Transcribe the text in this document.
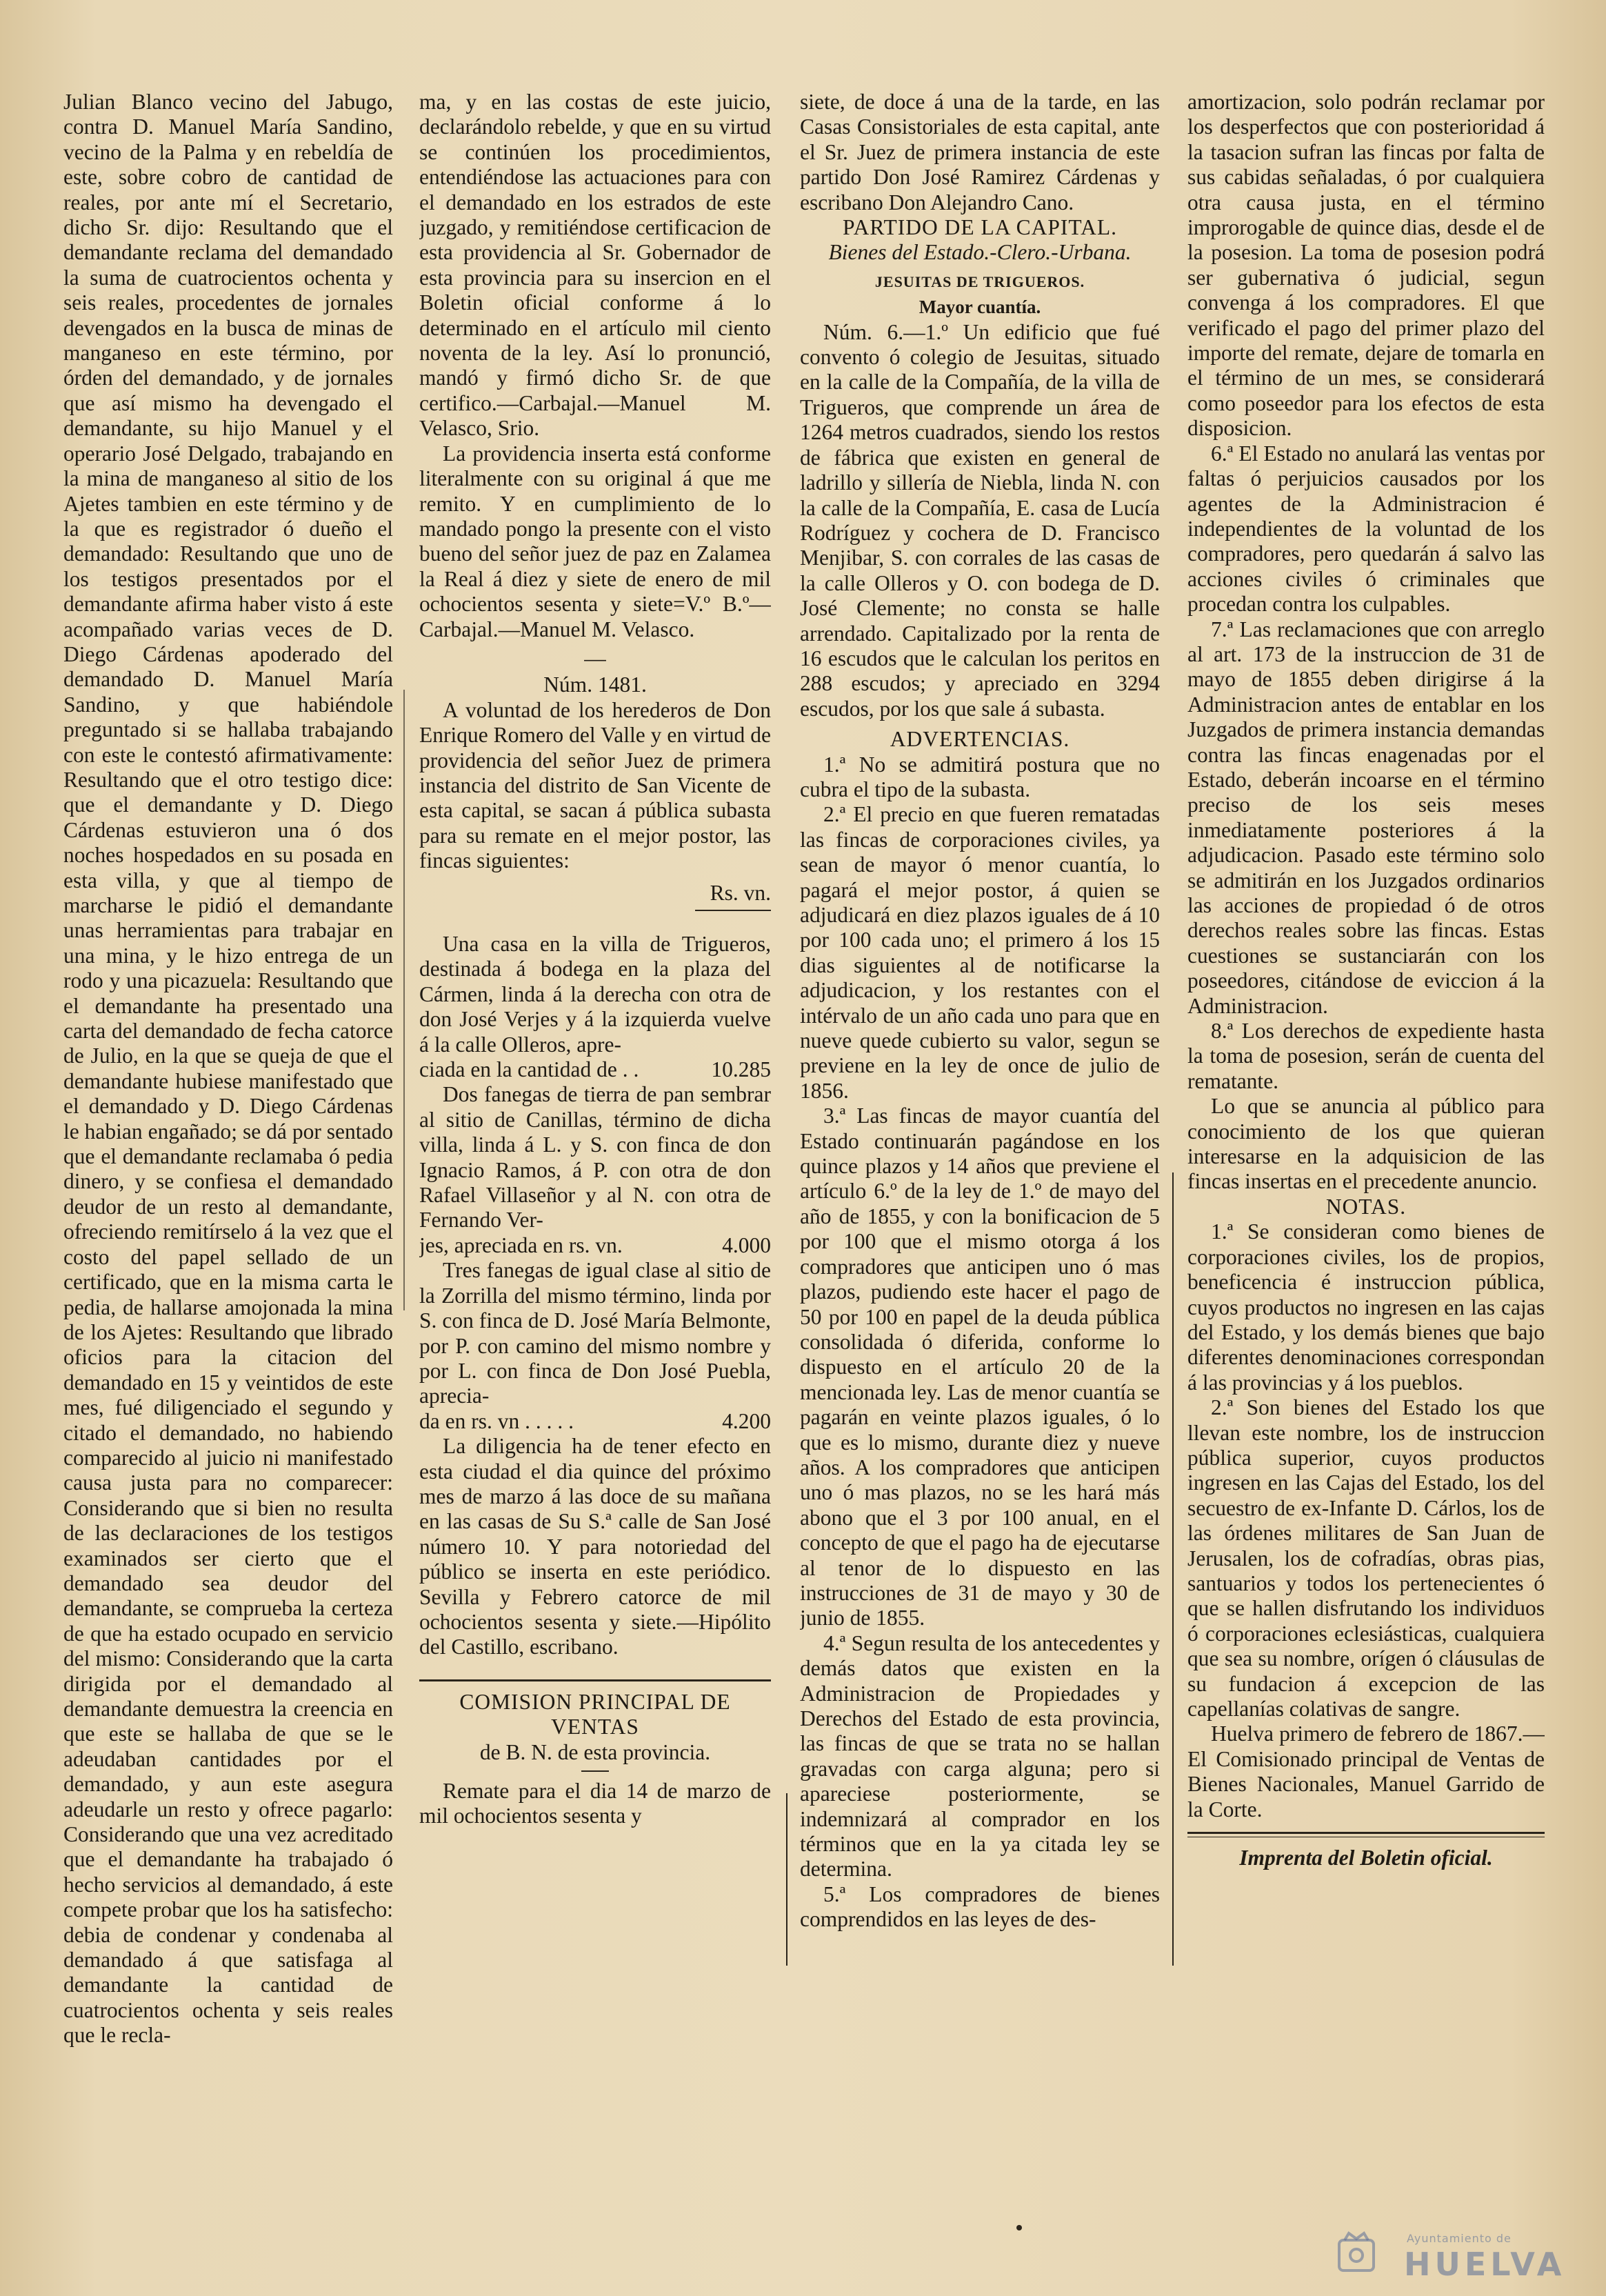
Julian Blanco vecino del Jabugo, contra D. Manuel María Sandino, vecino de la Palma y en rebeldía de este, sobre cobro de cantidad de reales, por ante mí el Secretario, dicho Sr. dijo: Resultando que el demandante reclama del demandado la suma de cuatrocientos ochenta y seis reales, procedentes de jornales devengados en la busca de minas de manganeso en este término, por órden del demandado, y de jornales que así mismo ha devengado el demandante, su hijo Manuel y el operario José Delgado, trabajando en la mina de manganeso al sitio de los Ajetes tambien en este término y de la que es registrador ó dueño el demandado: Resultando que uno de los testigos presentados por el demandante afirma haber visto á este acompañado varias veces de D. Diego Cárdenas apoderado del demandado D. Manuel María Sandino, y que habiéndole preguntado si se hallaba trabajando con este le contestó afirmativamente: Resultando que el otro testigo dice: que el demandante y D. Diego Cárdenas estuvieron una ó dos noches hospedados en su posada en esta villa, y que al tiempo de marcharse le pidió el demandante unas herramientas para trabajar en una mina, y le hizo entrega de un rodo y una picazuela: Resultando que el demandante ha presentado una carta del demandado de fecha catorce de Julio, en la que se queja de que el demandante hubiese manifestado que el demandado y D. Diego Cárdenas le habian engañado; se dá por sentado que el demandante reclamaba ó pedia dinero, y se confiesa el demandado deudor de un resto al demandante, ofreciendo remitírselo á la vez que el costo del papel sellado de un certificado, que en la misma carta le pedia, de hallarse amojonada la mina de los Ajetes: Resultando que librado oficios para la citacion del demandado en 15 y veintidos de este mes, fué diligenciado el segundo y citado el demandado, no habiendo comparecido al juicio ni manifestado causa justa para no comparecer: Considerando que si bien no resulta de las declaraciones de los testigos examinados ser cierto que el demandado sea deudor del demandante, se comprueba la certeza de que ha estado ocupado en servicio del mismo: Considerando que la carta dirigida por el demandado al demandante demuestra la creencia en que este se hallaba de que se le adeudaban cantidades por el demandado, y aun este asegura adeudarle un resto y ofrece pagarlo: Considerando que una vez acreditado que el demandante ha trabajado ó hecho servicios al demandado, á este compete probar que los ha satisfecho: debia de condenar y condenaba al demandado á que satisfaga al demandante la cantidad de cuatrocientos ochenta y seis reales que le recla-

ma, y en las costas de este juicio, declarándolo rebelde, y que en su virtud se continúen los procedimientos, entendiéndose las actuaciones para con el demandado en los estrados de este juzgado, y remitiéndose certificacion de esta providencia al Sr. Gobernador de esta provincia para su insercion en el Boletin oficial conforme á lo determinado en el artículo mil ciento noventa de la ley. Así lo pronunció, mandó y firmó dicho Sr. de que certifico.—Carbajal.—Manuel M. Velasco, Srio.

La providencia inserta está conforme literalmente con su original á que me remito. Y en cumplimiento de lo mandado pongo la presente con el visto bueno del señor juez de paz en Zalamea la Real á diez y siete de enero de mil ochocientos sesenta y siete=V.º B.º—Carbajal.—Manuel M. Velasco.

—

Núm. 1481.

A voluntad de los herederos de Don Enrique Romero del Valle y en virtud de providencia del señor Juez de primera instancia del distrito de San Vicente de esta capital, se sacan á pública subasta para su remate en el mejor postor, las fincas siguientes:

Rs. vn.

Una casa en la villa de Trigueros, destinada á bodega en la plaza del Cármen, linda á la derecha con otra de don José Verjes y á la izquierda vuelve á la calle Olleros, apre-

ciada en la cantidad de . .	10.285

Dos fanegas de tierra de pan sembrar al sitio de Canillas, término de dicha villa, linda á L. y S. con finca de don Ignacio Ramos, á P. con otra de don Rafael Villaseñor y al N. con otra de Fernando Ver-

jes, apreciada en rs. vn.	4.000

Tres fanegas de igual clase al sitio de la Zorrilla del mismo término, linda por S. con finca de D. José María Belmonte, por P. con camino del mismo nombre y por L. con finca de Don José Puebla, aprecia-

da en rs. vn . . . . .	4.200

La diligencia ha de tener efecto en esta ciudad el dia quince del próximo mes de marzo á las doce de su mañana en las casas de Su S.ª calle de San José número 10. Y para notoriedad del público se inserta en este periódico. Sevilla y Febrero catorce de mil ochocientos sesenta y siete.—Hipólito del Castillo, escribano.

COMISION PRINCIPAL DE VENTAS

de B. N. de esta provincia.

Remate para el dia 14 de marzo de mil ochocientos sesenta y

siete, de doce á una de la tarde, en las Casas Consistoriales de esta capital, ante el Sr. Juez de primera instancia de este partido Don José Ramirez Cárdenas y escribano Don Alejandro Cano.

PARTIDO DE LA CAPITAL.

Bienes del Estado.-Clero.-Urbana.

JESUITAS DE TRIGUEROS.

Mayor cuantía.

Núm. 6.—1.º Un edificio que fué convento ó colegio de Jesuitas, situado en la calle de la Compañía, de la villa de Trigueros, que comprende un área de 1264 metros cuadrados, siendo los restos de fábrica que existen en general de ladrillo y sillería de Niebla, linda N. con la calle de la Compañía, E. casa de Lucía Rodríguez y cochera de D. Francisco Menjibar, S. con corrales de las casas de la calle Olleros y O. con bodega de D. José Clemente; no consta se halle arrendado. Capitalizado por la renta de 16 escudos que le calculan los peritos en 288 escudos; y apreciado en 3294 escudos, por los que sale á subasta.

ADVERTENCIAS.

1.ª No se admitirá postura que no cubra el tipo de la subasta.

2.ª El precio en que fueren rematadas las fincas de corporaciones civiles, ya sean de mayor ó menor cuantía, lo pagará el mejor postor, á quien se adjudicará en diez plazos iguales de á 10 por 100 cada uno; el primero á los 15 dias siguientes al de notificarse la adjudicacion, y los restantes con el intérvalo de un año cada uno para que en nueve quede cubierto su valor, segun se previene en la ley de once de julio de 1856.

3.ª Las fincas de mayor cuantía del Estado continuarán pagándose en los quince plazos y 14 años que previene el artículo 6.º de la ley de 1.º de mayo del año de 1855, y con la bonificacion de 5 por 100 que el mismo otorga á los compradores que anticipen uno ó mas plazos, pudiendo este hacer el pago de 50 por 100 en papel de la deuda pública consolidada ó diferida, conforme lo dispuesto en el artículo 20 de la mencionada ley. Las de menor cuantía se pagarán en veinte plazos iguales, ó lo que es lo mismo, durante diez y nueve años. A los compradores que anticipen uno ó mas plazos, no se les hará más abono que el 3 por 100 anual, en el concepto de que el pago ha de ejecutarse al tenor de lo dispuesto en las instrucciones de 31 de mayo y 30 de junio de 1855.

4.ª Segun resulta de los antecedentes y demás datos que existen en la Administracion de Propiedades y Derechos del Estado de esta provincia, las fincas de que se trata no se hallan gravadas con carga alguna; pero si apareciese posteriormente, se indemnizará al comprador en los términos que en la ya citada ley se determina.

5.ª Los compradores de bienes comprendidos en las leyes de des-

amortizacion, solo podrán reclamar por los desperfectos que con posterioridad á la tasacion sufran las fincas por falta de sus cabidas señaladas, ó por cualquiera otra causa justa, en el término improrogable de quince dias, desde el de la posesion. La toma de posesion podrá ser gubernativa ó judicial, segun convenga á los compradores. El que verificado el pago del primer plazo del importe del remate, dejare de tomarla en el término de un mes, se considerará como poseedor para los efectos de esta disposicion.

6.ª El Estado no anulará las ventas por faltas ó perjuicios causados por los agentes de la Administracion é independientes de la voluntad de los compradores, pero quedarán á salvo las acciones civiles ó criminales que procedan contra los culpables.

7.ª Las reclamaciones que con arreglo al art. 173 de la instruccion de 31 de mayo de 1855 deben dirigirse á la Administracion antes de entablar en los Juzgados de primera instancia demandas contra las fincas enagenadas por el Estado, deberán incoarse en el término preciso de los seis meses inmediatamente posteriores á la adjudicacion. Pasado este término solo se admitirán en los Juzgados ordinarios las acciones de propiedad ó de otros derechos reales sobre las fincas. Estas cuestiones se sustanciarán con los poseedores, citándose de eviccion á la Administracion.

8.ª Los derechos de expediente hasta la toma de posesion, serán de cuenta del rematante.

Lo que se anuncia al público para conocimiento de los que quieran interesarse en la adquisicion de las fincas insertas en el precedente anuncio.

NOTAS.

1.ª Se consideran como bienes de corporaciones civiles, los de propios, beneficencia é instruccion pública, cuyos productos no ingresen en las cajas del Estado, y los demás bienes que bajo diferentes denominaciones correspondan á las provincias y á los pueblos.

2.ª Son bienes del Estado los que llevan este nombre, los de instruccion pública superior, cuyos productos ingresen en las Cajas del Estado, los del secuestro de ex-Infante D. Cárlos, los de las órdenes militares de San Juan de Jerusalen, los de cofradías, obras pias, santuarios y todos los pertenecientes ó que se hallen disfrutando los individuos ó corporaciones eclesiásticas, cualquiera que sea su nombre, orígen ó cláusulas de su fundacion á excepcion de las capellanías colativas de sangre.

Huelva primero de febrero de 1867.—El Comisionado principal de Ventas de Bienes Nacionales, Manuel Garrido de la Corte.

Imprenta del Boletin oficial.

Ayuntamiento de
HUELVA
